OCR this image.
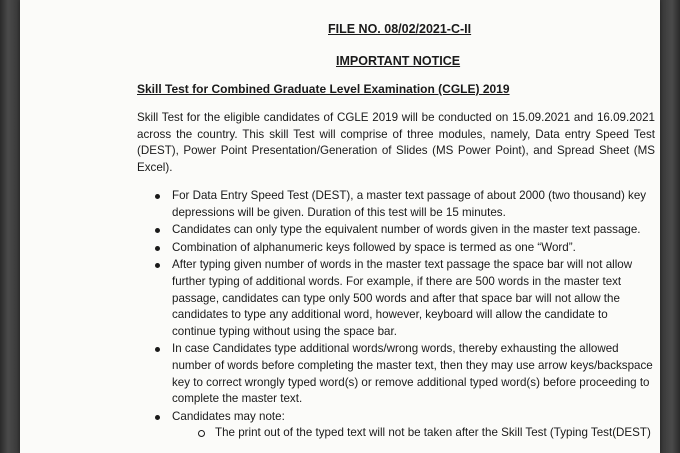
FILE NO. 08/02/2021-C-II
IMPORTANT NOTICE
Skill Test for Combined Graduate Level Examination (CGLE) 2019
Skill Test for the eligible candidates of CGLE 2019 will be conducted on 15.09.2021 and 16.09.2021 across the country. This skill Test will comprise of three modules, namely, Data entry Speed Test (DEST), Power Point Presentation/Generation of Slides (MS Power Point), and Spread Sheet (MS Excel).
For Data Entry Speed Test (DEST), a master text passage of about 2000 (two thousand) key depressions will be given. Duration of this test will be 15 minutes.
Candidates can only type the equivalent number of words given in the master text passage.
Combination of alphanumeric keys followed by space is termed as one “Word”.
After typing given number of words in the master text passage the space bar will not allow further typing of additional words. For example, if there are 500 words in the master text passage, candidates can type only 500 words and after that space bar will not allow the candidates to type any additional word, however, keyboard will allow the candidate to continue typing without using the space bar.
In case Candidates type additional words/wrong words, thereby exhausting the allowed number of words before completing the master text, then they may use arrow keys/backspace key to correct wrongly typed word(s) or remove additional typed word(s) before proceeding to complete the master text.
Candidates may note:
The print out of the typed text will not be taken after the Skill Test (Typing Test(DEST)
